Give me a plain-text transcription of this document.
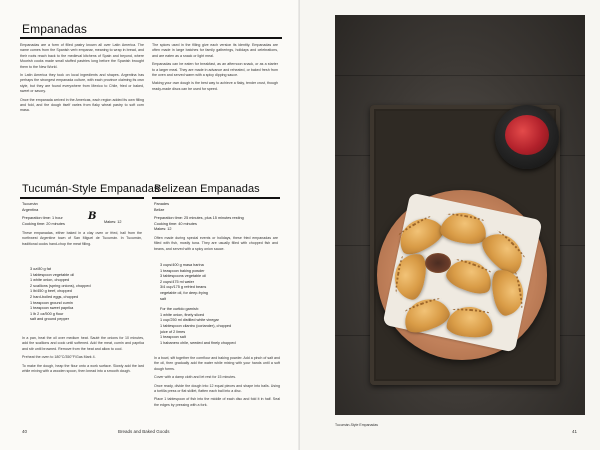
Empanadas

Empanadas are a form of filled pastry known all over Latin America. The name comes from the Spanish verb empanar, meaning to wrap in bread, and their roots reach back to the medieval kitchens of Spain and beyond, where Moorish cooks made small stuffed pastries long before the Spanish brought them to the New World.

In Latin America they took on local ingredients and shapes. Argentina has perhaps the strongest empanada culture, with each province claiming its own style, but they are found everywhere from Mexico to Chile, fried or baked, sweet or savory.

Once the empanada arrived in the Americas, each region added its own filling and fold, and the dough itself varies from flaky wheat pastry to soft corn masa.

The spices used in the filling give each version its identity. Empanadas are often made in large batches for family gatherings, holidays and celebrations, and are eaten as a snack or light meal.

Empanadas can be eaten for breakfast, as an afternoon snack, or as a starter to a larger meal. They are made in advance and reheated, or baked fresh from the oven and served warm with a spicy dipping sauce.

Making your own dough is the best way to achieve a flaky, tender crust, though ready-made discs can be used for speed.

Tucumán-Style Empanadas
Tucumán
Argentina
Preparation time: 1 hour
Cooking time: 20 minutes
B Makes: 12

These empanadas, either baked in a clay oven or fried, hail from the northwest Argentine town of San Miguel de Tucumán. In Tucumán, traditional cooks hand-chop the meat filling.

3 oz/80 g fat
1 tablespoon vegetable oil
1 white onion, chopped
2 scallions (spring onions), chopped
1 lb/450 g beef, chopped
2 hard-boiled eggs, chopped
1 teaspoon ground cumin
1 teaspoon sweet paprika
1 lb 2 oz/500 g flour
salt and ground pepper

In a pan, heat the oil over medium heat. Sauté the onions for 10 minutes, add the scallions and cook until softened. Add the meat, cumin and paprika and stir until browned. Remove from the heat and allow to cool.

Preheat the oven to 180°C/350°F/Gas Mark 4.

To make the dough, heap the flour onto a work surface. Slowly add the lard while mixing with a wooden spoon, then knead into a smooth dough.

Belizean Empanadas
Panades
Belize
Preparation time: 25 minutes, plus 15 minutes resting
Cooking time: 40 minutes
Makes: 12

Often made during special events or holidays, these fried empanadas are filled with fish, mostly tuna. They are usually filled with chopped fish and beans, and served with a spicy onion sauce.

3 cups/400 g masa harina
1 teaspoon baking powder
3 tablespoons vegetable oil
2 cups/475 ml water
3/4 cup/175 g refried beans
vegetable oil, for deep-frying
salt
For the curtido garnish:
1 white onion, finely sliced
1 cup/250 ml distilled white vinegar
1 tablespoon cilantro (coriander), chopped
juice of 2 limes
1 teaspoon salt
1 habanero chile, seeded and finely chopped

In a bowl, sift together the cornflour and baking powder. Add a pinch of salt and the oil, then gradually add the water while mixing with your hands until a soft dough forms.

Cover with a damp cloth and let rest for 15 minutes.

Once ready, divide the dough into 12 equal pieces and shape into balls. Using a tortilla press or flat skillet, flatten each ball into a disc.

Place 1 tablespoon of fish into the middle of each disc and fold it in half. Seal the edges by pressing with a fork.

40	Breads and Baked Goods
Tucumán-Style Empanadas
41
